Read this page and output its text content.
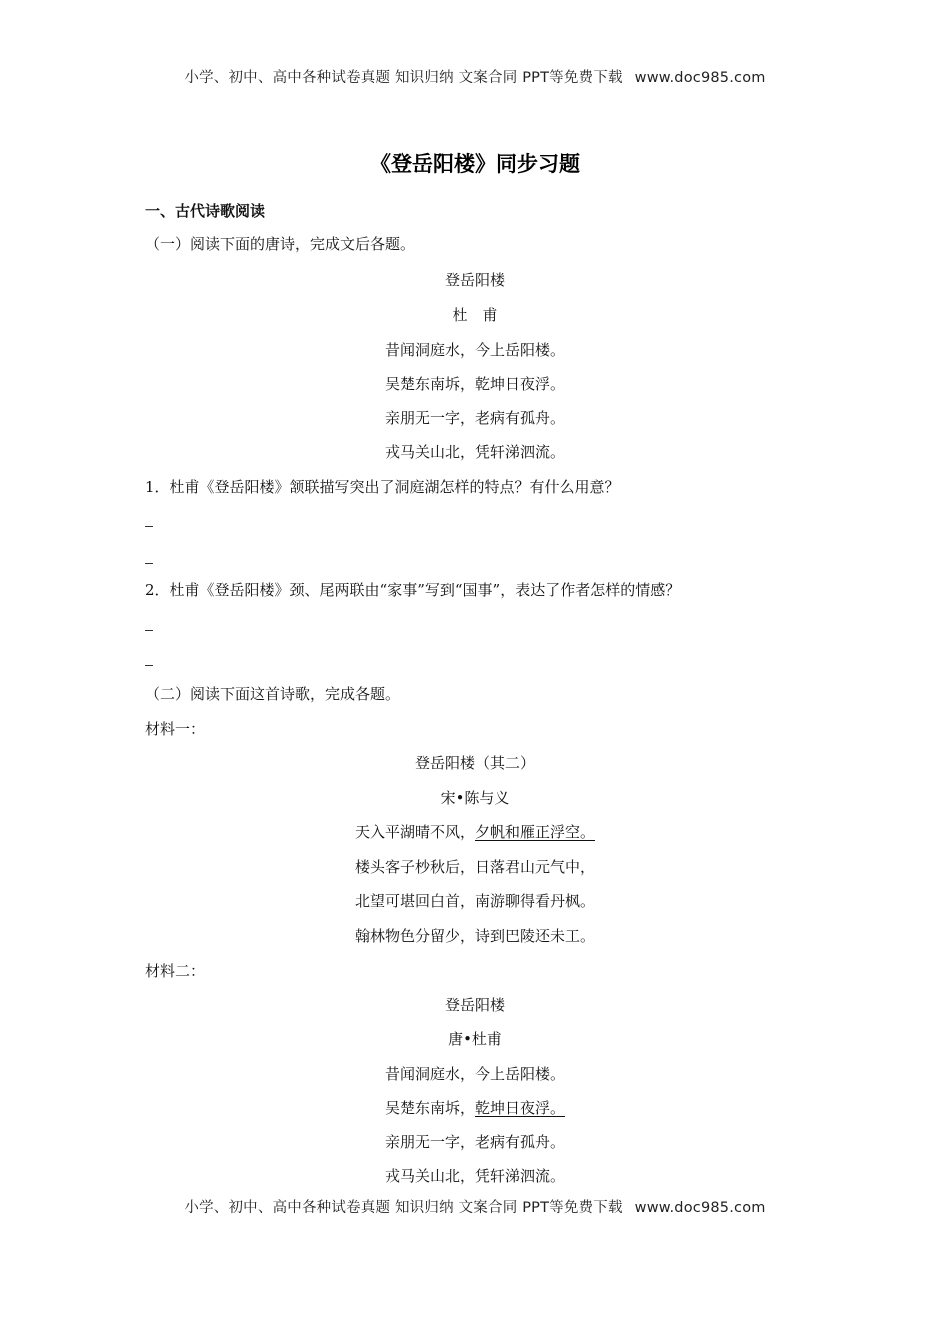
小学、初中、高中各种试卷真题 知识归纳 文案合同 PPT等免费下载 www.doc985.com
《登岳阳楼》同步习题
一、古代诗歌阅读
（一）阅读下面的唐诗，完成文后各题。
登岳阳楼
杜　甫
昔闻洞庭水，今上岳阳楼。
吴楚东南坼，乾坤日夜浮。
亲朋无一字，老病有孤舟。
戎马关山北，凭轩涕泗流。
1．杜甫《登岳阳楼》颔联描写突出了洞庭湖怎样的特点？有什么用意？
2．杜甫《登岳阳楼》颈、尾两联由“家事”写到“国事”，表达了作者怎样的情感？
（二）阅读下面这首诗歌，完成各题。
材料一：
登岳阳楼（其二）
宋•陈与义
天入平湖晴不风，夕帆和雁正浮空。
楼头客子杪秋后，日落君山元气中，
北望可堪回白首，南游聊得看丹枫。
翰林物色分留少，诗到巴陵还未工。
材料二：
登岳阳楼
唐•杜甫
昔闻洞庭水，今上岳阳楼。
吴楚东南坼，乾坤日夜浮。
亲朋无一字，老病有孤舟。
戎马关山北，凭轩涕泗流。
小学、初中、高中各种试卷真题 知识归纳 文案合同 PPT等免费下载 www.doc985.com
